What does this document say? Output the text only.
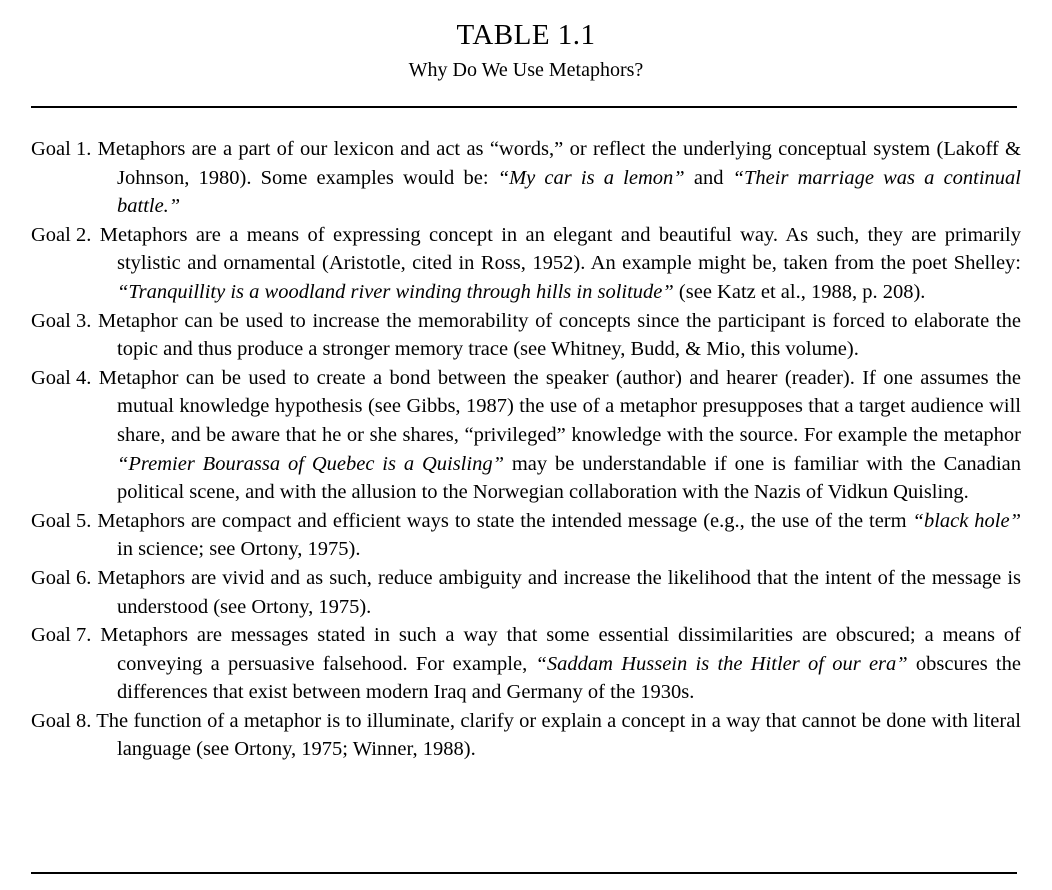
TABLE 1.1
Why Do We Use Metaphors?

Goal 1. Metaphors are a part of our lexicon and act as “words,” or reflect the underlying conceptual system (Lakoff & Johnson, 1980). Some examples would be: “My car is a lemon” and “Their marriage was a continual battle.”

Goal 2. Metaphors are a means of expressing concept in an elegant and beautiful way. As such, they are primarily stylistic and ornamental (Aristotle, cited in Ross, 1952). An example might be, taken from the poet Shelley: “Tranquillity is a woodland river winding through hills in solitude” (see Katz et al., 1988, p. 208).

Goal 3. Metaphor can be used to increase the memorability of concepts since the participant is forced to elaborate the topic and thus produce a stronger memory trace (see Whitney, Budd, & Mio, this volume).

Goal 4. Metaphor can be used to create a bond between the speaker (author) and hearer (reader). If one assumes the mutual knowledge hypothesis (see Gibbs, 1987) the use of a metaphor presupposes that a target audience will share, and be aware that he or she shares, “privileged” knowledge with the source. For example the metaphor “Premier Bourassa of Quebec is a Quisling” may be understandable if one is familiar with the Canadian political scene, and with the allusion to the Norwegian collaboration with the Nazis of Vidkun Quisling.

Goal 5. Metaphors are compact and efficient ways to state the intended message (e.g., the use of the term “black hole” in science; see Ortony, 1975).

Goal 6. Metaphors are vivid and as such, reduce ambiguity and increase the likelihood that the intent of the message is understood (see Ortony, 1975).

Goal 7. Metaphors are messages stated in such a way that some essential dissimilarities are obscured; a means of conveying a persuasive falsehood. For example, “Saddam Hussein is the Hitler of our era” obscures the differences that exist between modern Iraq and Germany of the 1930s.

Goal 8. The function of a metaphor is to illuminate, clarify or explain a concept in a way that cannot be done with literal language (see Ortony, 1975; Winner, 1988).
